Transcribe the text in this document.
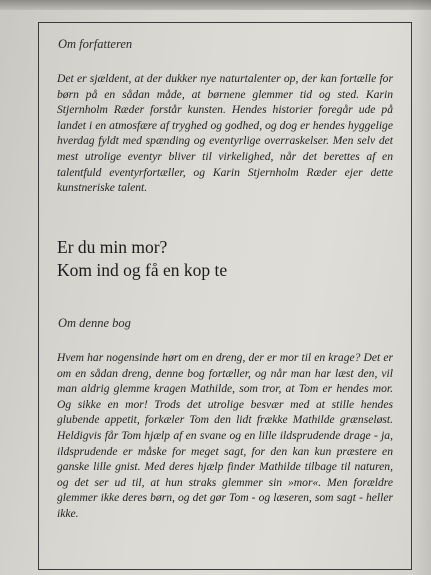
Om forfatteren

Det er sjældent, at der dukker nye naturtalenter op, der kan fortælle for børn på en sådan måde, at børnene glemmer tid og sted. Karin Stjernholm Ræder forstår kunsten. Hendes historier foregår ude på landet i en atmosfære af tryghed og godhed, og dog er hendes hyggelige hverdag fyldt med spænding og eventyrlige overraskelser. Men selv det mest utrolige eventyr bliver til virkelighed, når det berettes af en talentfuld eventyrfortæller, og Karin Stjernholm Ræder ejer dette kunstneriske talent.

Er du min mor?
Kom ind og få en kop te
Om denne bog

Hvem har nogensinde hørt om en dreng, der er mor til en krage? Det er om en sådan dreng, denne bog fortæller, og når man har læst den, vil man aldrig glemme kragen Mathilde, som tror, at Tom er hendes mor. Og sikke en mor! Trods det utrolige besvær med at stille hendes glubende appetit, forkæler Tom den lidt frække Mathilde grænseløst. Heldigvis får Tom hjælp af en svane og en lille ildsprudende drage - ja, ildsprudende er måske for meget sagt, for den kan kun præstere en ganske lille gnist. Med deres hjælp finder Mathilde tilbage til naturen, og det ser ud til, at hun straks glemmer sin »mor«. Men forældre glemmer ikke deres børn, og det gør Tom - og læseren, som sagt - heller ikke.
